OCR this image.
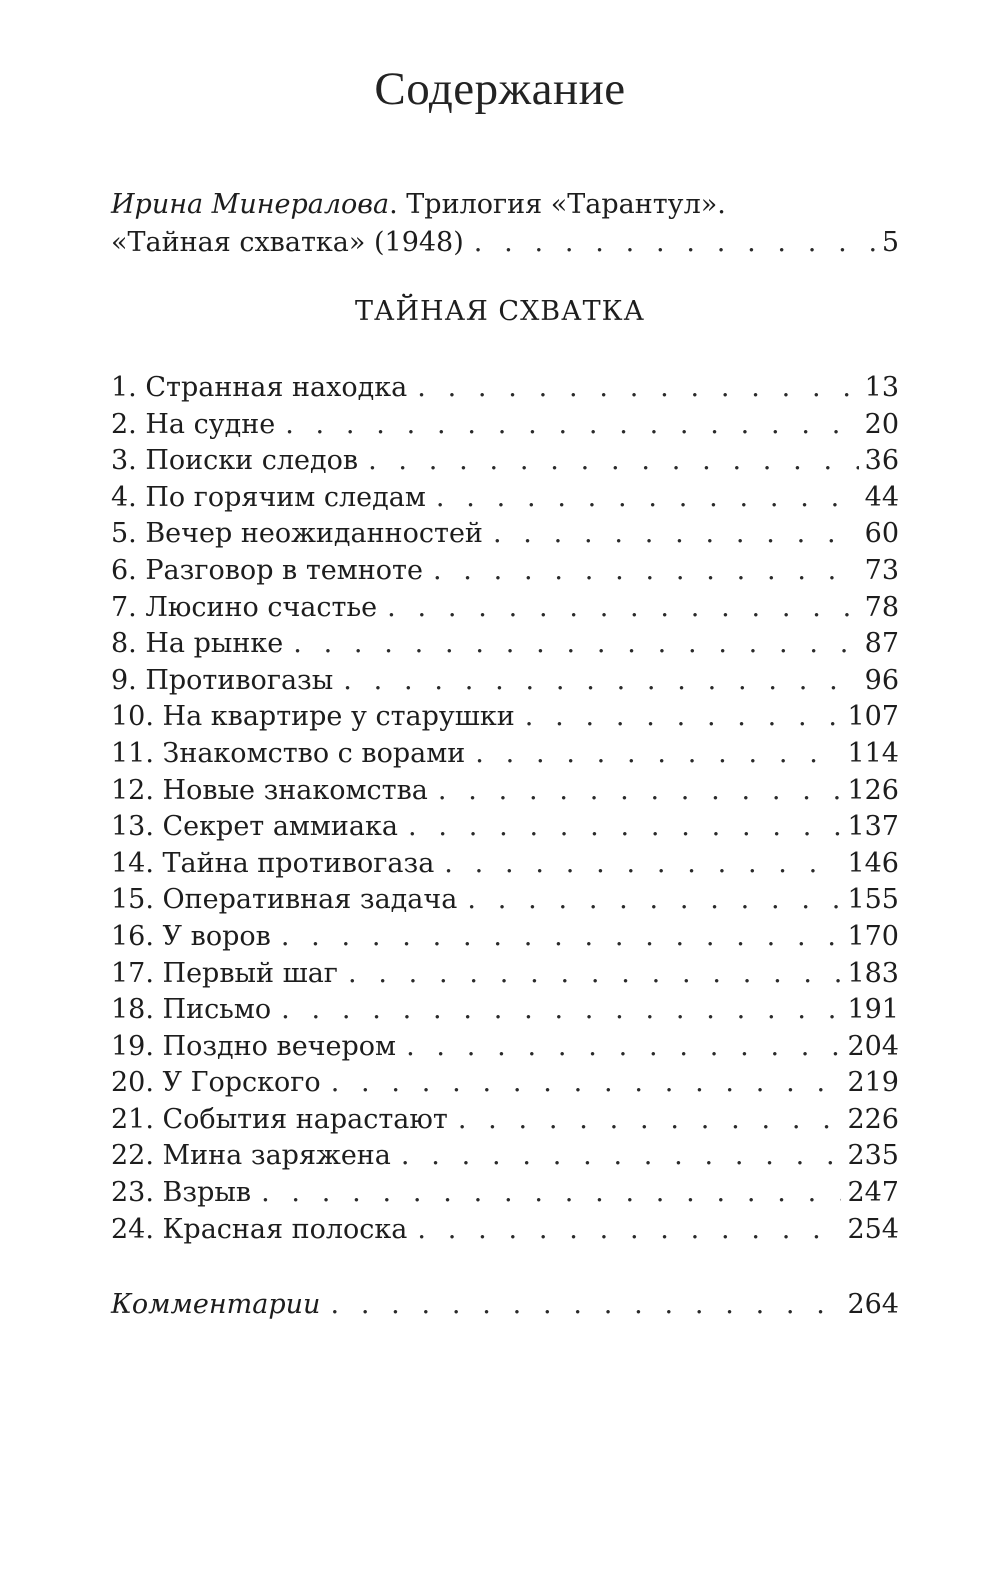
Содержание
Ирина Минералова. Трилогия «Тарантул».
«Тайная схватка» (1948) . . .	5
ТАЙНАЯ СХВАТКА
1. Странная находка . . .	13
2. На судне . . .	20
3. Поиски следов . . .	36
4. По горячим следам . . .	44
5. Вечер неожиданностей . . .	60
6. Разговор в темноте . . .	73
7. Люсино счастье . . .	78
8. На рынке . . .	87
9. Противогазы . . .	96
10. На квартире у старушки . . .	107
11. Знакомство с ворами . . .	114
12. Новые знакомства . . .	126
13. Секрет аммиака . . .	137
14. Тайна противогаза . . .	146
15. Оперативная задача . . .	155
16. У воров . . .	170
17. Первый шаг . . .	183
18. Письмо . . .	191
19. Поздно вечером . . .	204
20. У Горского . . .	219
21. События нарастают . . .	226
22. Мина заряжена . . .	235
23. Взрыв . . .	247
24. Красная полоска . . .	254
Комментарии . . .	264
